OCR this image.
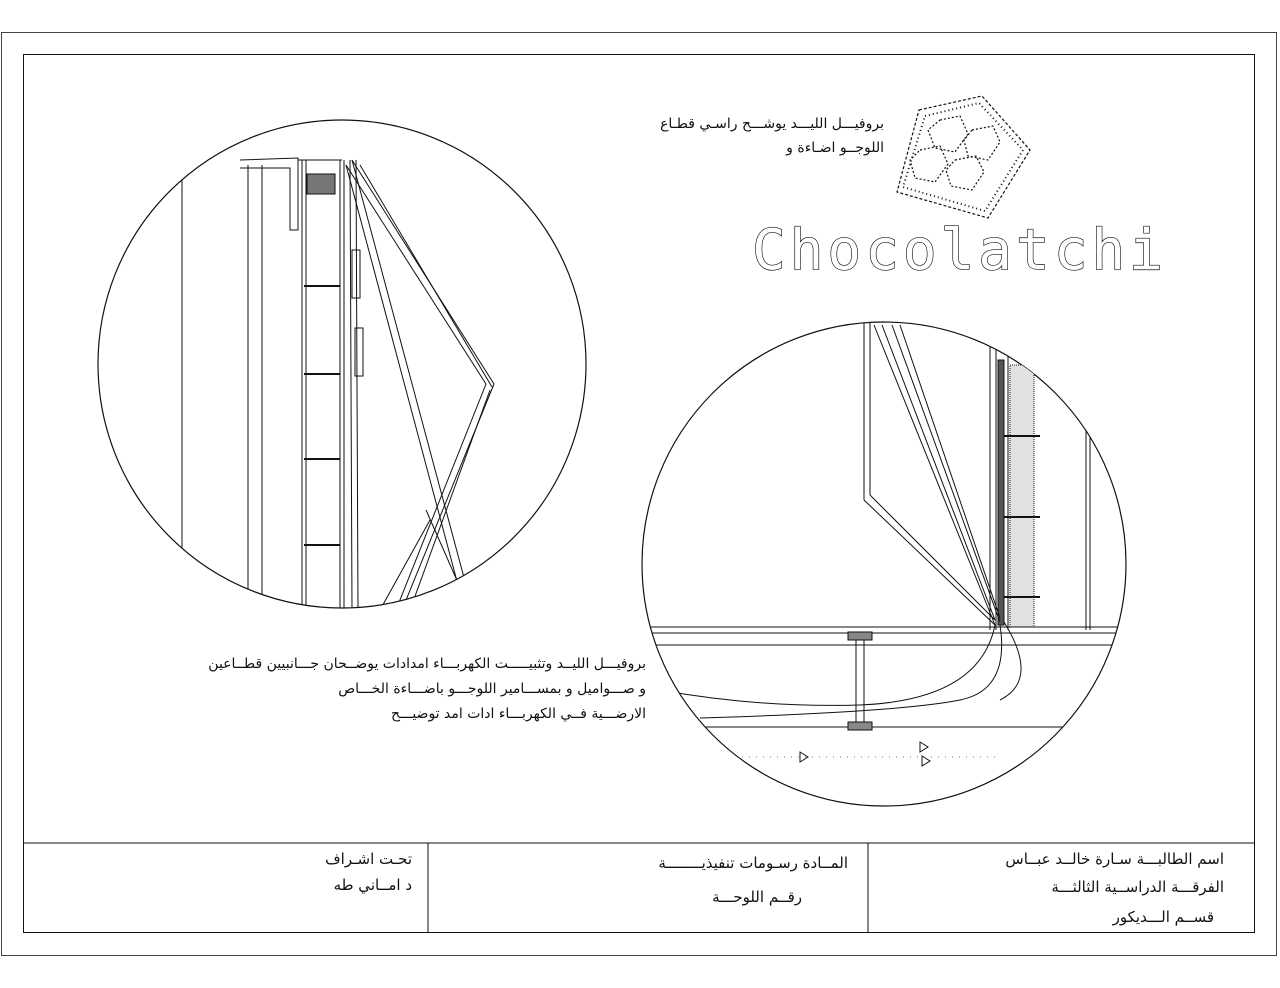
بروفيـــل الليـــد يوشـــح راسـي قطـاع
اللوجــو اضـاءة و
Chocolatchi
بروفيـــل الليــد وتثبيـــــت الكهربـــاء امدادات يوضــحان جـــانبيين قطــاعين
و صـــواميل و بمســـامير اللوجـــو باضـــاءة الخـــاص
الارضـــية فــي الكهربـــاء ادات امد توضيـــح
تحـت اشـراف
د امــاني طه
المــادة رسـومات تنفيذيــــــــة
رقــم اللوحـــة
اسم الطالبـــة سـارة خالــد عبــاس
الفرقـــة الدراســية الثالثـــة
قســم الـــديكور
